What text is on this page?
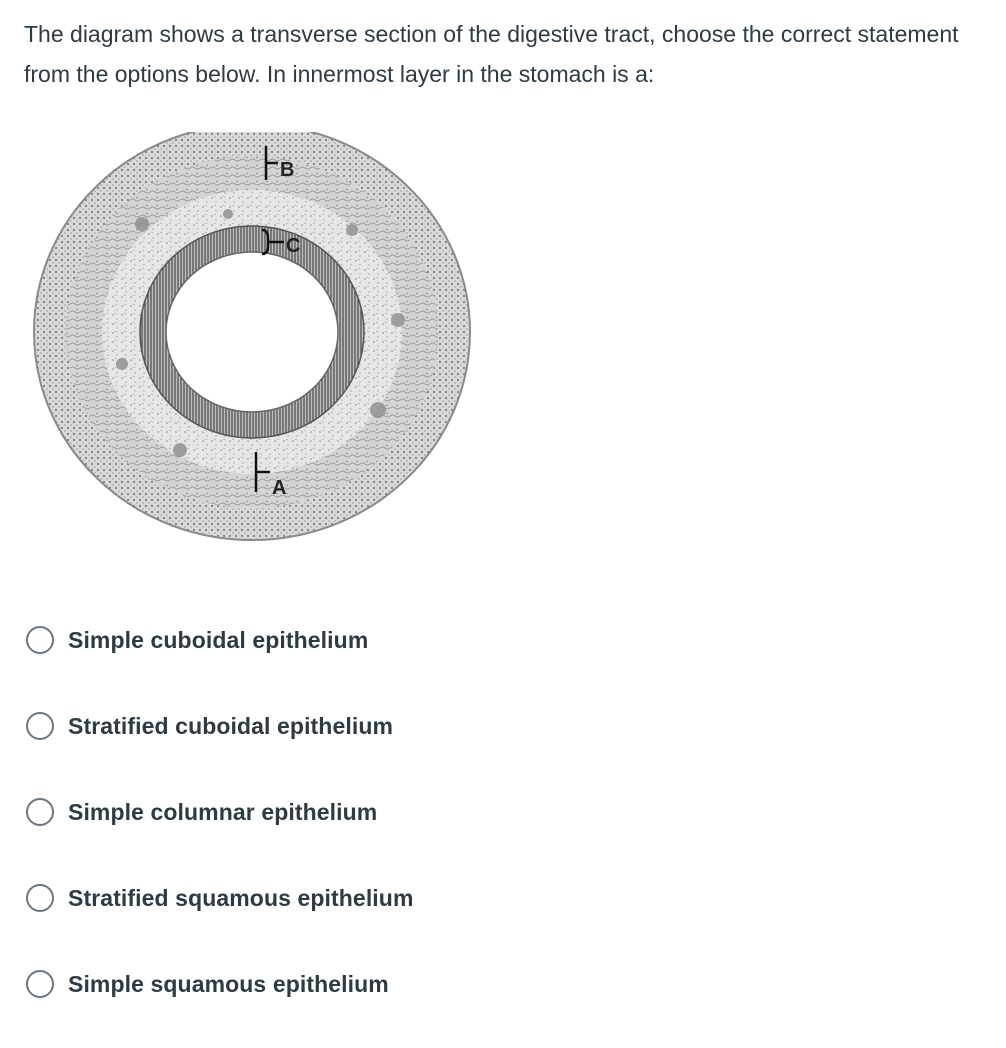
The diagram shows a transverse section of the digestive tract, choose the correct statement from the options below. In innermost layer in the stomach is a:

B
C
A
Simple cuboidal epithelium
Stratified cuboidal epithelium
Simple columnar epithelium
Stratified squamous epithelium
Simple squamous epithelium
